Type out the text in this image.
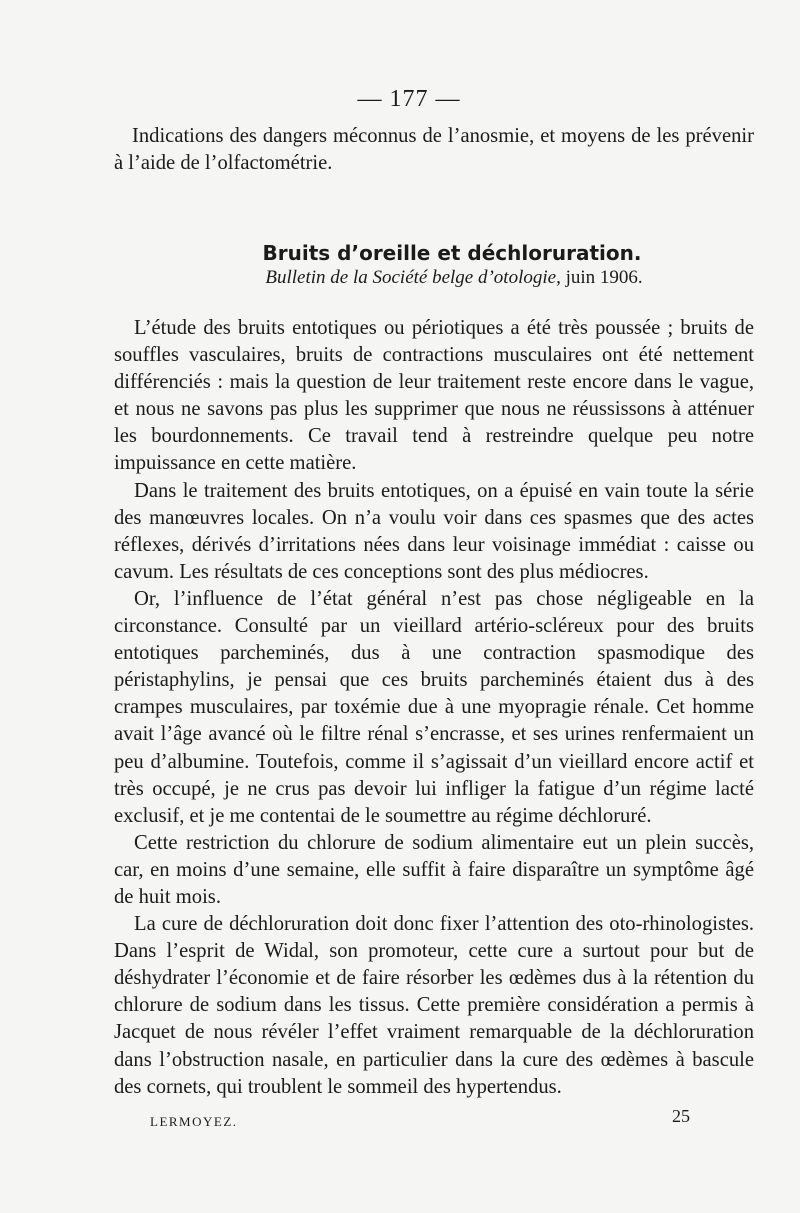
— 177 —

Indications des dangers méconnus de l’anosmie, et moyens de les prévenir à l’aide de l’olfactométrie.

Bruits d’oreille et déchloruration.
Bulletin de la Société belge d’otologie, juin 1906.

L’étude des bruits entotiques ou périotiques a été très poussée ; bruits de souffles vasculaires, bruits de contractions musculaires ont été nettement différenciés : mais la question de leur traitement reste encore dans le vague, et nous ne savons pas plus les supprimer que nous ne réussissons à atténuer les bourdonnements. Ce travail tend à restreindre quelque peu notre impuissance en cette matière.

Dans le traitement des bruits entotiques, on a épuisé en vain toute la série des manœuvres locales. On n’a voulu voir dans ces spasmes que des actes réflexes, dérivés d’irritations nées dans leur voisinage immédiat : caisse ou cavum. Les résultats de ces conceptions sont des plus médiocres.

Or, l’influence de l’état général n’est pas chose négligeable en la circonstance. Consulté par un vieillard artério-scléreux pour des bruits entotiques parcheminés, dus à une contraction spasmodique des péristaphylins, je pensai que ces bruits parcheminés étaient dus à des crampes musculaires, par toxémie due à une myopragie rénale. Cet homme avait l’âge avancé où le filtre rénal s’encrasse, et ses urines renfermaient un peu d’albumine. Toutefois, comme il s’agissait d’un vieillard encore actif et très occupé, je ne crus pas devoir lui infliger la fatigue d’un régime lacté exclusif, et je me contentai de le soumettre au régime déchloruré.

Cette restriction du chlorure de sodium alimentaire eut un plein succès, car, en moins d’une semaine, elle suffit à faire disparaître un symptôme âgé de huit mois.

La cure de déchloruration doit donc fixer l’attention des oto-rhinologistes. Dans l’esprit de Widal, son promoteur, cette cure a surtout pour but de déshydrater l’économie et de faire résorber les œdèmes dus à la rétention du chlorure de sodium dans les tissus. Cette première considération a permis à Jacquet de nous révéler l’effet vraiment remarquable de la déchloruration dans l’obstruction nasale, en particulier dans la cure des œdèmes à bascule des cornets, qui troublent le sommeil des hypertendus.

LERMOYEZ.	25
